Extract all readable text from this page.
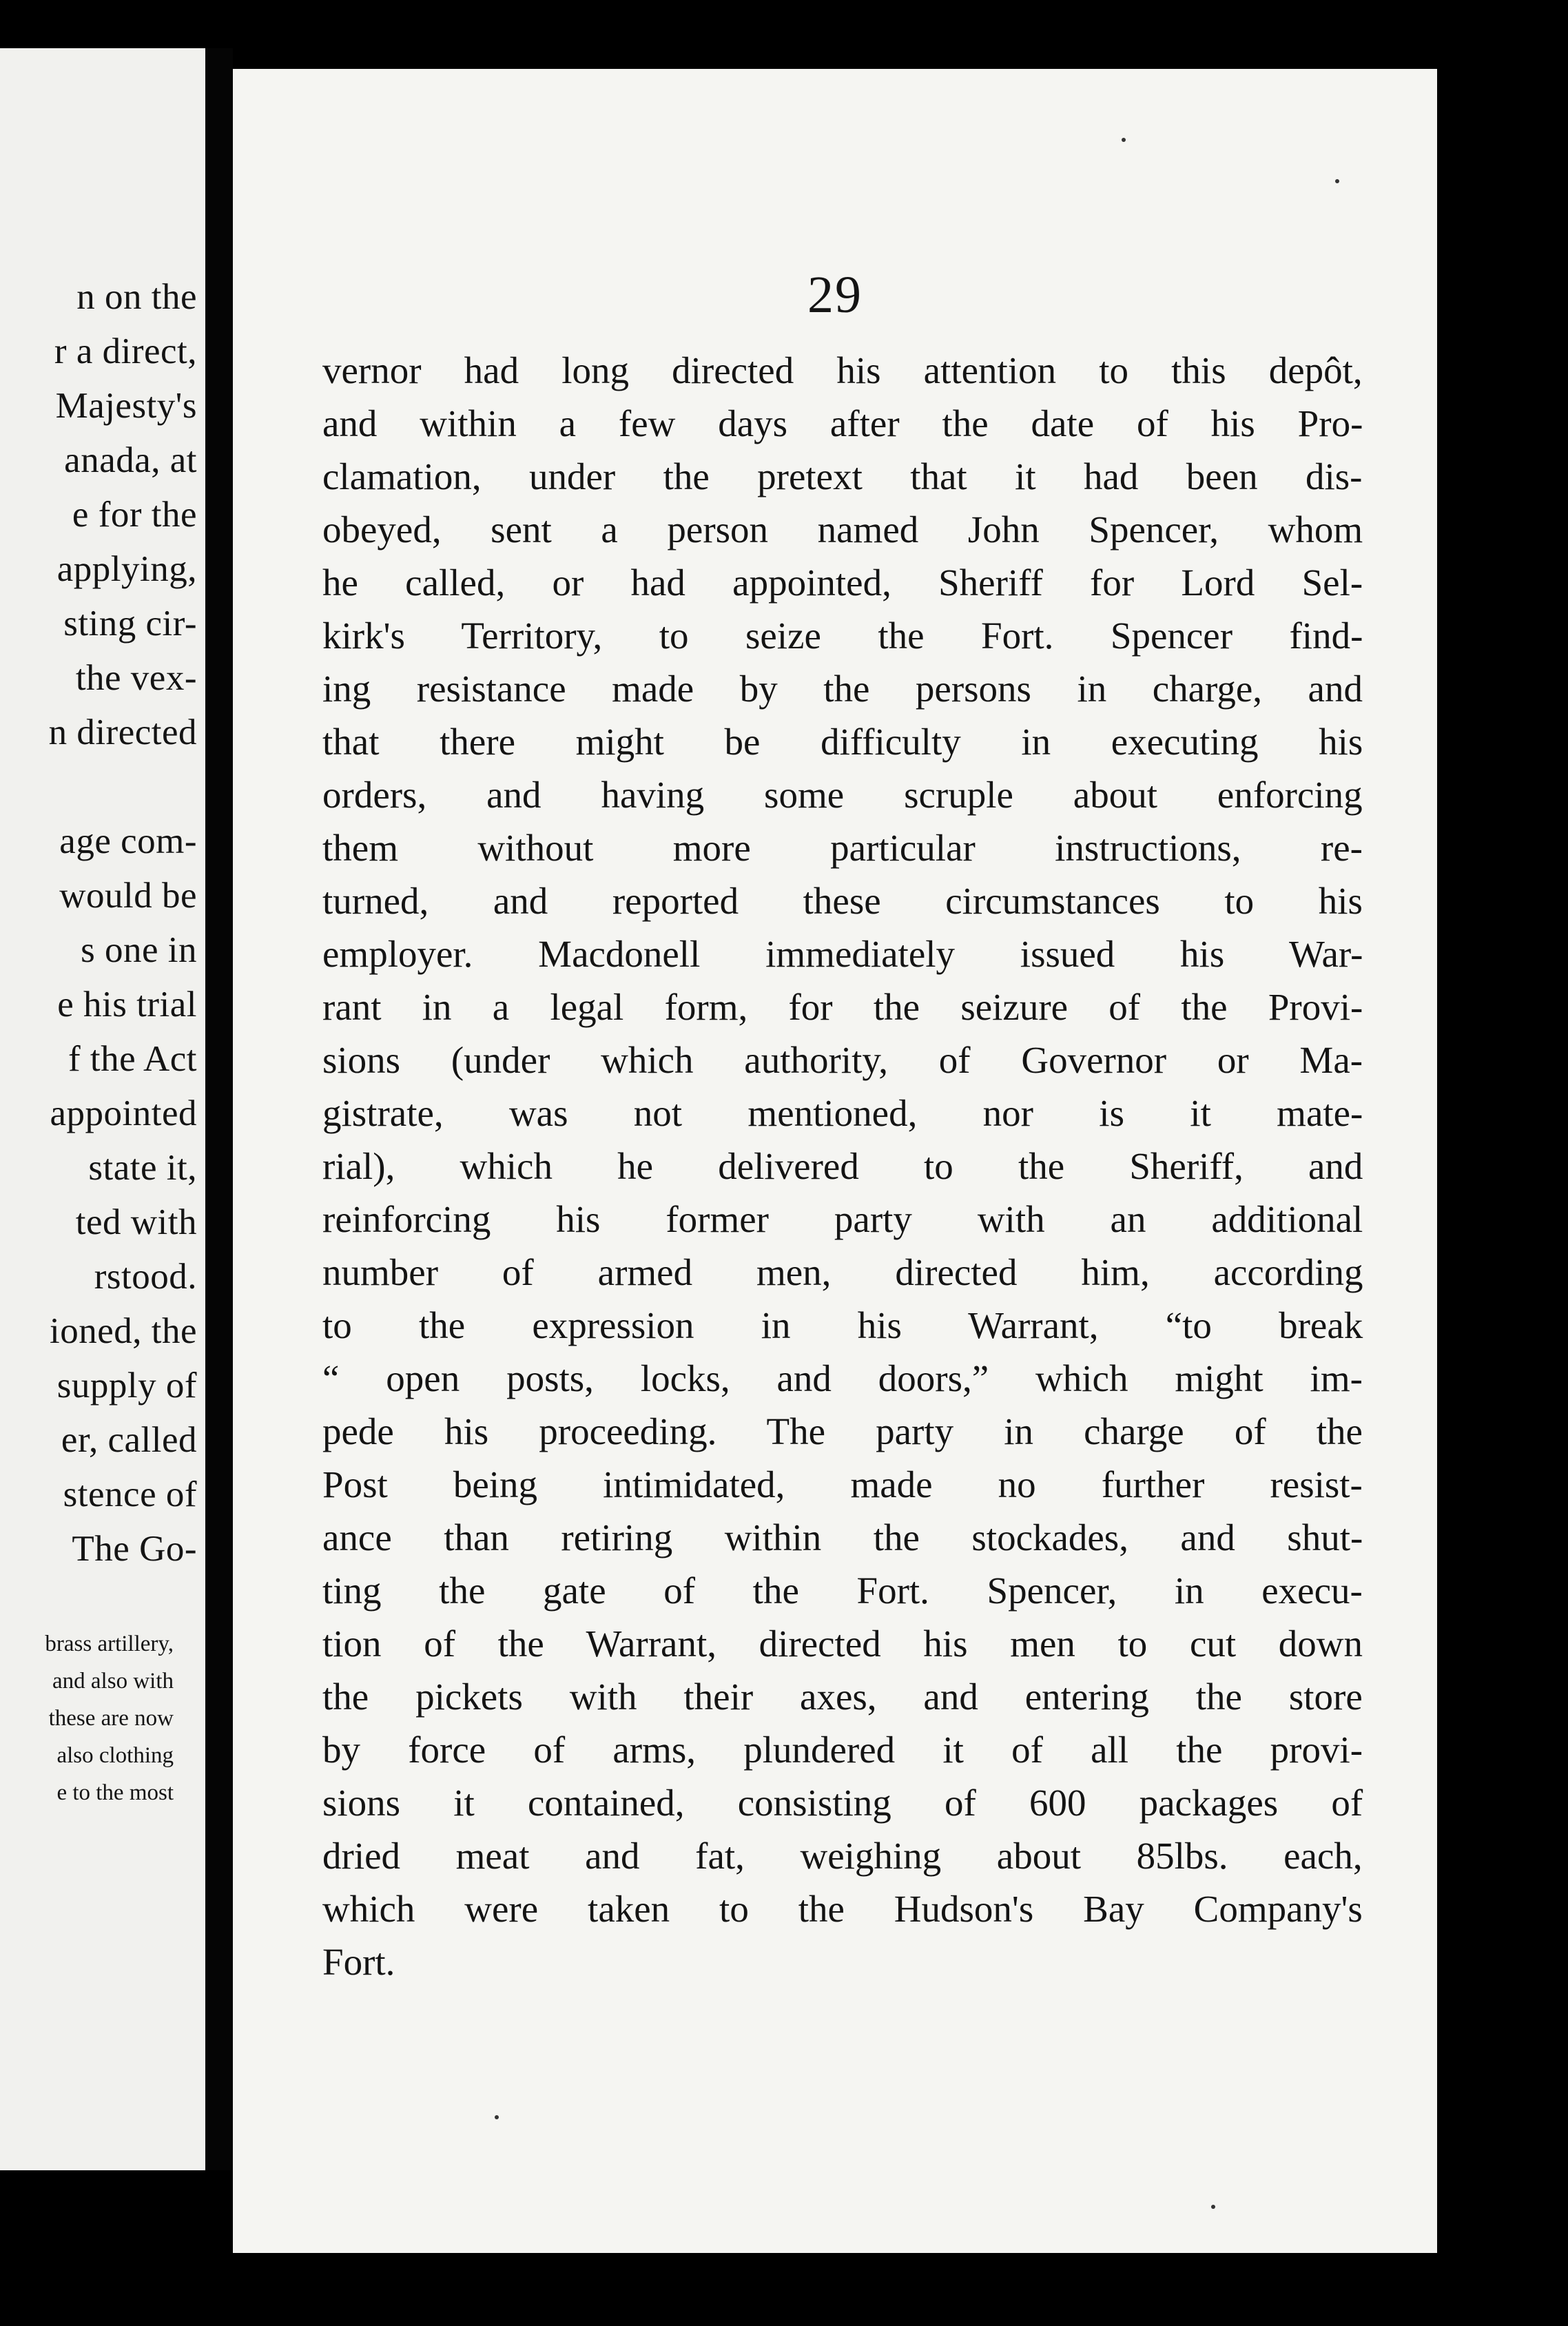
n on the
r a direct,
Majesty's
anada, at
e for the
applying,
sting cir-
the vex-
n directed
age com-
would be
s one in
e his trial
f the Act
appointed
state it,
ted with
rstood.
ioned, the
supply of
er, called
stence of
The Go-
brass artillery,
and also with
these are now
also clothing
e to the most
29
vernor had long directed his attention to this depôt,
and within a few days after the date of his Pro-
clamation, under the pretext that it had been dis-
obeyed, sent a person named John Spencer, whom
he called, or had appointed, Sheriff for Lord Sel-
kirk's Territory, to seize the Fort. Spencer find-
ing resistance made by the persons in charge, and
that there might be difficulty in executing his
orders, and having some scruple about enforcing
them without more particular instructions, re-
turned, and reported these circumstances to his
employer. Macdonell immediately issued his War-
rant in a legal form, for the seizure of the Provi-
sions (under which authority, of Governor or Ma-
gistrate, was not mentioned, nor is it mate-
rial), which he delivered to the Sheriff, and
reinforcing his former party with an additional
number of armed men, directed him, according
to the expression in his Warrant, “to break
“ open posts, locks, and doors,” which might im-
pede his proceeding. The party in charge of the
Post being intimidated, made no further resist-
ance than retiring within the stockades, and shut-
ting the gate of the Fort. Spencer, in execu-
tion of the Warrant, directed his men to cut down
the pickets with their axes, and entering the store
by force of arms, plundered it of all the provi-
sions it contained, consisting of 600 packages of
dried meat and fat, weighing about 85lbs. each,
which were taken to the Hudson's Bay Company's
Fort.
